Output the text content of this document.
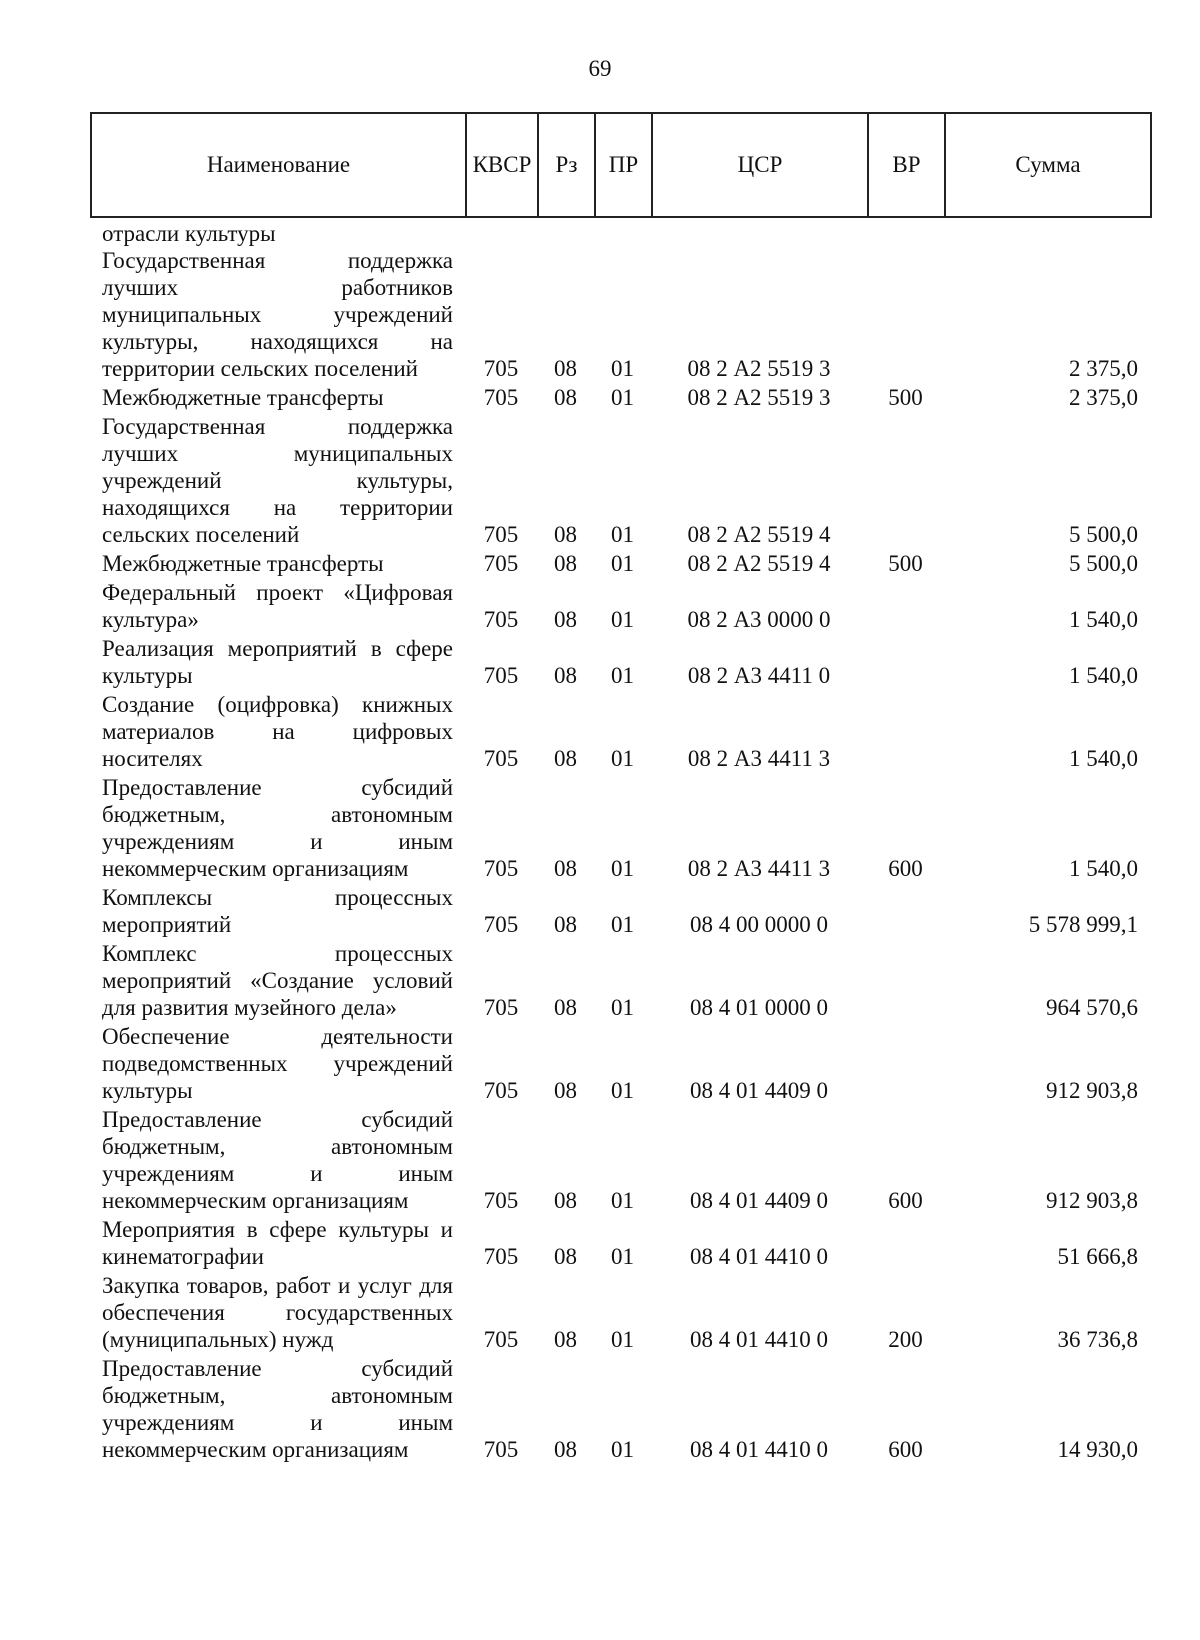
69
Наименование	КВСР	Рз	ПР	ЦСР	ВР	Сумма
отрасли культуры						
Государственная поддержка лучших работников муниципальных учреждений культуры, находящихся на территории сельских поселений	705	08	01	08 2 А2 5519 3		2 375,0
Межбюджетные трансферты	705	08	01	08 2 А2 5519 3	500	2 375,0
Государственная поддержка лучших муниципальных учреждений культуры, находящихся на территории сельских поселений	705	08	01	08 2 А2 5519 4		5 500,0
Межбюджетные трансферты	705	08	01	08 2 А2 5519 4	500	5 500,0
Федеральный проект «Цифровая культура»	705	08	01	08 2 А3 0000 0		1 540,0
Реализация мероприятий в сфере культуры	705	08	01	08 2 А3 4411 0		1 540,0
Создание (оцифровка) книжных материалов на цифровых носителях	705	08	01	08 2 А3 4411 3		1 540,0
Предоставление субсидий бюджетным, автономным учреждениям и иным некоммерческим организациям	705	08	01	08 2 А3 4411 3	600	1 540,0
Комплексы процессных мероприятий	705	08	01	08 4 00 0000 0		5 578 999,1
Комплекс процессных мероприятий «Создание условий для развития музейного дела»	705	08	01	08 4 01 0000 0		964 570,6
Обеспечение деятельности подведомственных учреждений культуры	705	08	01	08 4 01 4409 0		912 903,8
Предоставление субсидий бюджетным, автономным учреждениям и иным некоммерческим организациям	705	08	01	08 4 01 4409 0	600	912 903,8
Мероприятия в сфере культуры и кинематографии	705	08	01	08 4 01 4410 0		51 666,8
Закупка товаров, работ и услуг для обеспечения государственных (муниципальных) нужд	705	08	01	08 4 01 4410 0	200	36 736,8
Предоставление субсидий бюджетным, автономным учреждениям и иным некоммерческим организациям	705	08	01	08 4 01 4410 0	600	14 930,0
